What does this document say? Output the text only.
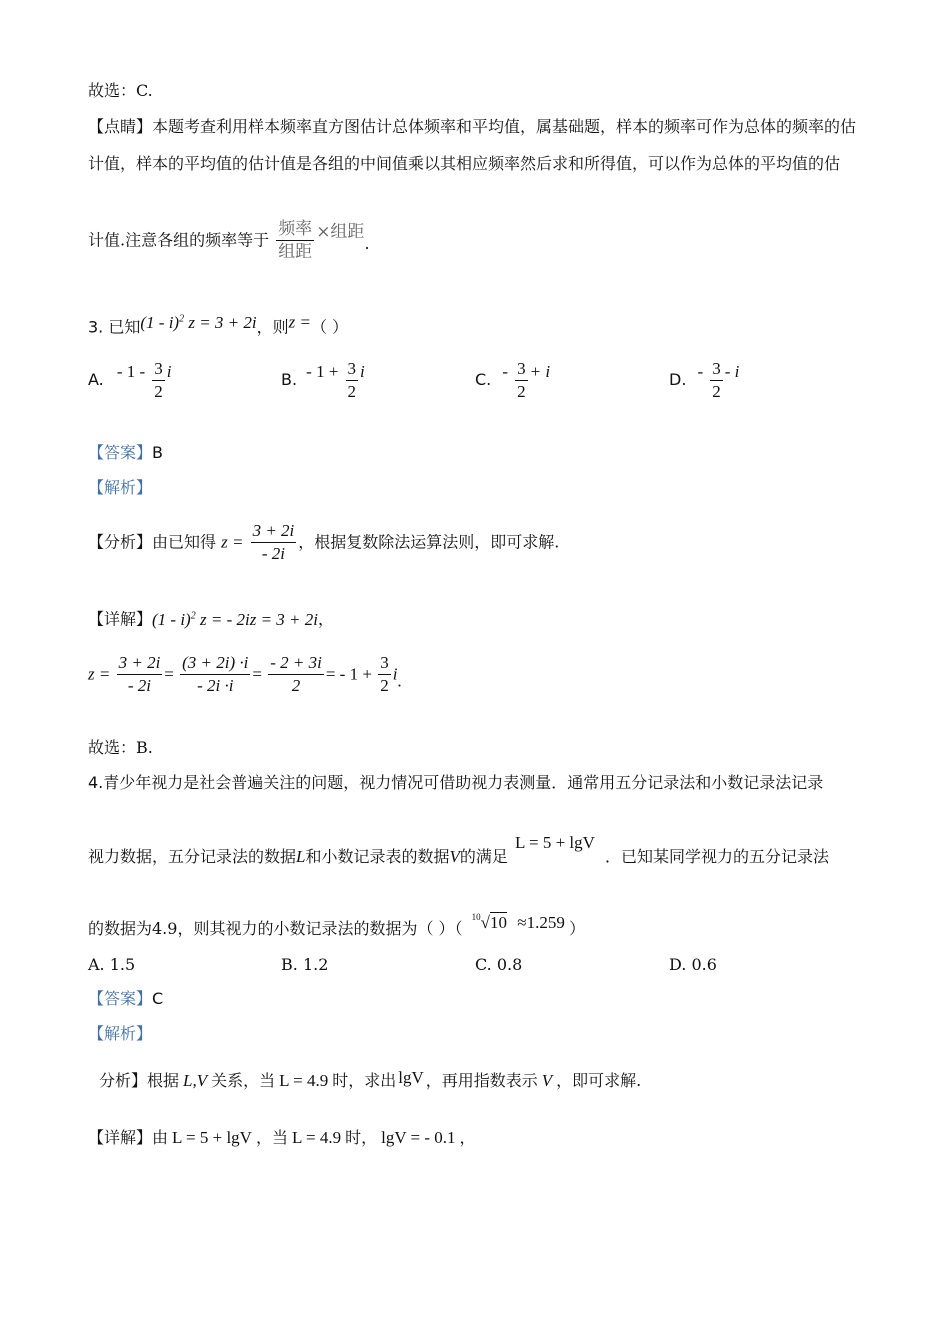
故选：C.
【点睛】本题考查利用样本频率直方图估计总体频率和平均值，属基础题，样本的频率可作为总体的频率的估
计值，样本的平均值的估计值是各组的中间值乘以其相应频率然后求和所得值，可以作为总体的平均值的估
计值.注意各组的频率等于 $\frac{\text{频率}}{\text{组距}}$ ×组距.
3. 已知(1 - i)$^2$ z = 3 + 2i，则z =（ ）
A. - $1 - \frac{3}{2}$ i	B. - $1 + \frac{3}{2}$ i	C. - $\frac{3}{2} + i$	D. - $\frac{3}{2}$ - i
【答案】B
【解析】
【分析】由已知得 $z = \frac{3 + 2i}{- 2i}$ ，根据复数除法运算法则，即可求解.
【详解】(1 - i)$^2$ z = - 2iz = 3 + 2i，
$z = \frac{3 + 2i}{- 2i} = \frac{(3 + 2i) \cdot i}{- 2i \cdot i} = \frac{- 2 + 3i}{2}$ = - $1 + \frac{3}{2} i$.
故选：B.
4.青少年视力是社会普遍关注的问题，视力情况可借助视力表测量．通常用五分记录法和小数记录法记录
视力数据，五分记录法的数据L和小数记录表的数据V的满足 L = 5 + lgV．已知某同学视力的五分记录法
的数据为4.9，则其视力的小数记录法的数据为（ ）（ $^{10}$√10 ≈1.259 ）
A. 1.5	B. 1.2	C. 0.8	D. 0.6
【答案】C
【解析】
分析】根据 L,V 关系，当 L = 4.9 时，求出 lgV ，再用指数表示 V ，即可求解.
【详解】由 L = 5 + lgV ，当 L = 4.9 时， lgV = - 0.1 ，
